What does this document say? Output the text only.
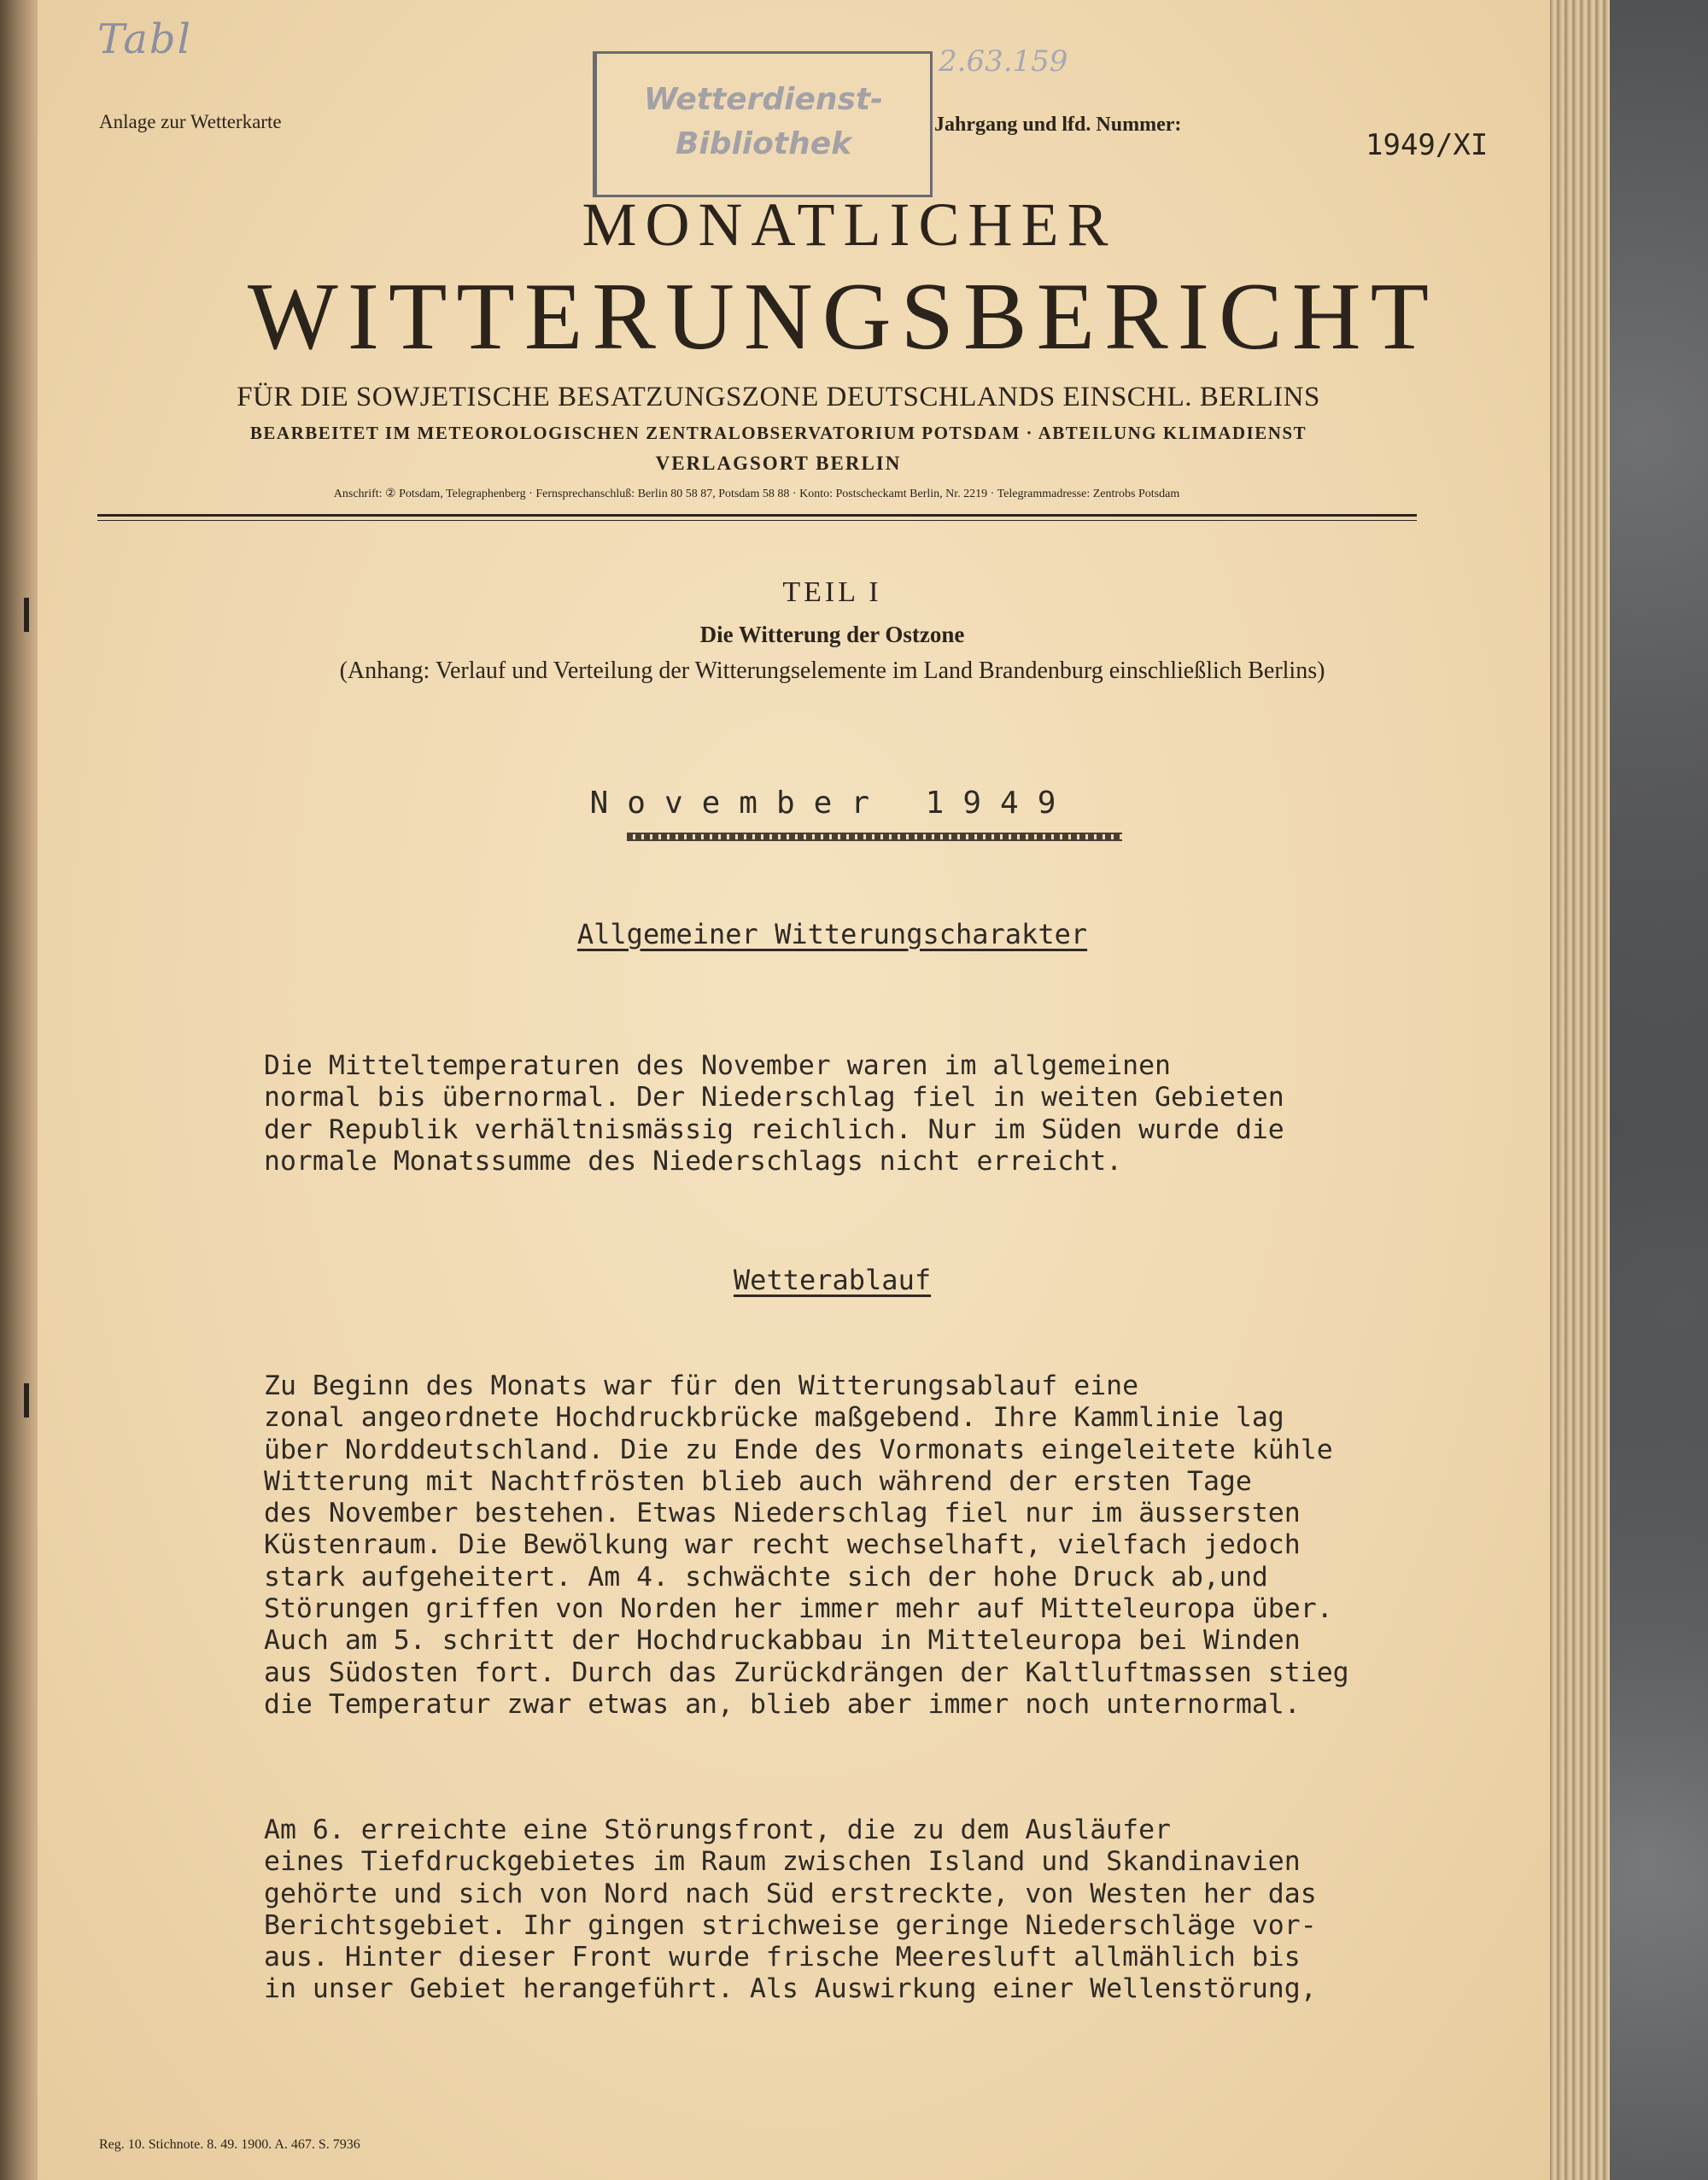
Tabl
Anlage zur Wetterkarte
Wetterdienst-
Bibliothek
2.63.159
Jahrgang und lfd. Nummer:
1949/XI
MONATLICHER
WITTERUNGSBERICHT
FÜR DIE SOWJETISCHE BESATZUNGSZONE DEUTSCHLANDS EINSCHL. BERLINS
BEARBEITET IM METEOROLOGISCHEN ZENTRALOBSERVATORIUM POTSDAM · ABTEILUNG KLIMADIENST
VERLAGSORT BERLIN
Anschrift: ② Potsdam, Telegraphenberg · Fernsprechanschluß: Berlin 80 58 87, Potsdam 58 88 · Konto: Postscheckamt Berlin, Nr. 2219 · Telegrammadresse: Zentrobs Potsdam
TEIL I
Die Witterung der Ostzone
(Anhang: Verlauf und Verteilung der Witterungselemente im Land Brandenburg einschließlich Berlins)
November 1949
Allgemeiner Witterungscharakter
Die Mitteltemperaturen des November waren im allgemeinen
normal bis übernormal. Der Niederschlag fiel in weiten Gebieten
der Republik verhältnismässig reichlich. Nur im Süden wurde die
normale Monatssumme des Niederschlags nicht erreicht.
Wetterablauf
Zu Beginn des Monats war für den Witterungsablauf eine
zonal angeordnete Hochdruckbrücke maßgebend. Ihre Kammlinie lag
über Norddeutschland. Die zu Ende des Vormonats eingeleitete kühle
Witterung mit Nachtfrösten blieb auch während der ersten Tage
des November bestehen. Etwas Niederschlag fiel nur im äussersten
Küstenraum. Die Bewölkung war recht wechselhaft, vielfach jedoch
stark aufgeheitert. Am 4. schwächte sich der hohe Druck ab,und
Störungen griffen von Norden her immer mehr auf Mitteleuropa über.
Auch am 5. schritt der Hochdruckabbau in Mitteleuropa bei Winden
aus Südosten fort. Durch das Zurückdrängen der Kaltluftmassen stieg
die Temperatur zwar etwas an, blieb aber immer noch unternormal.
Am 6. erreichte eine Störungsfront, die zu dem Ausläufer
eines Tiefdruckgebietes im Raum zwischen Island und Skandinavien
gehörte und sich von Nord nach Süd erstreckte, von Westen her das
Berichtsgebiet. Ihr gingen strichweise geringe Niederschläge vor-
aus. Hinter dieser Front wurde frische Meeresluft allmählich bis
in unser Gebiet herangeführt. Als Auswirkung einer Wellenstörung,
Reg. 10. Stichnote. 8. 49. 1900. A. 467. S. 7936
